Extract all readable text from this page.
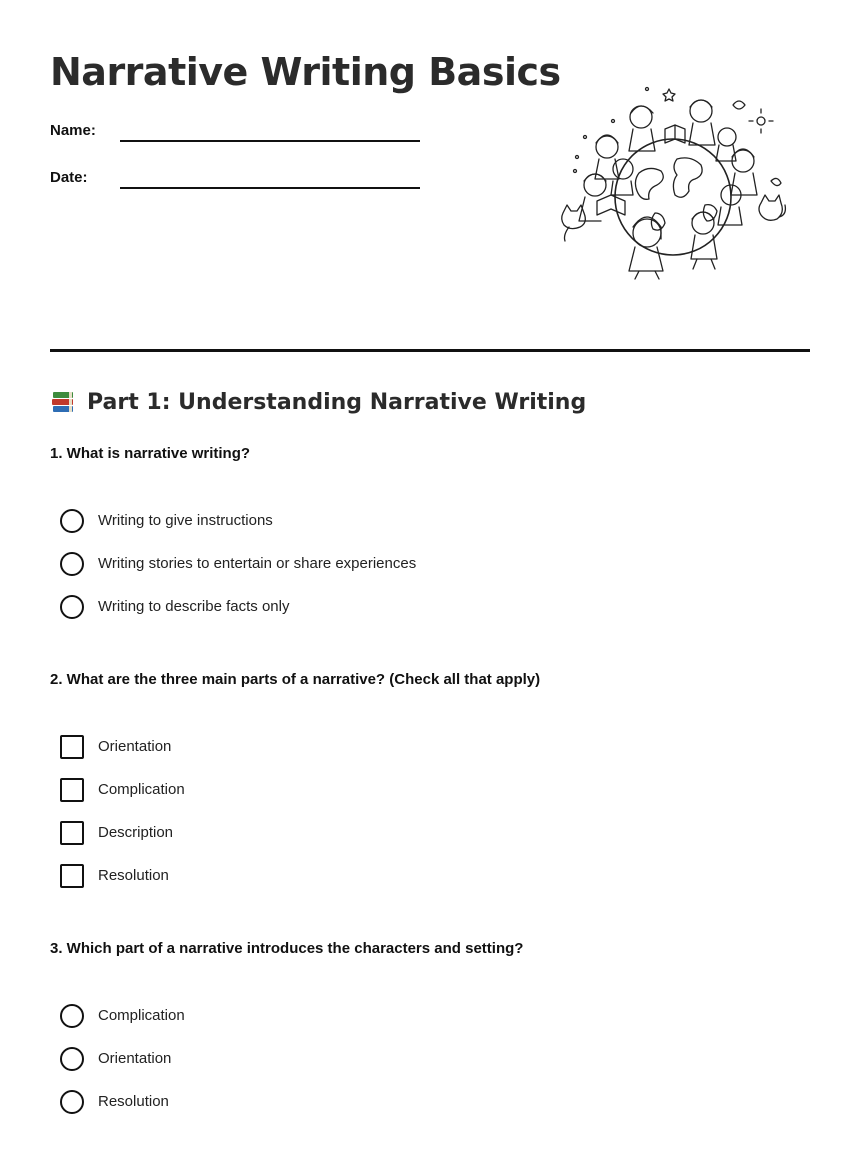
Narrative Writing Basics
Name:
Date:
Part 1: Understanding Narrative Writing
1. What is narrative writing?
Writing to give instructions
Writing stories to entertain or share experiences
Writing to describe facts only
2. What are the three main parts of a narrative? (Check all that apply)
Orientation
Complication
Description
Resolution
3. Which part of a narrative introduces the characters and setting?
Complication
Orientation
Resolution
